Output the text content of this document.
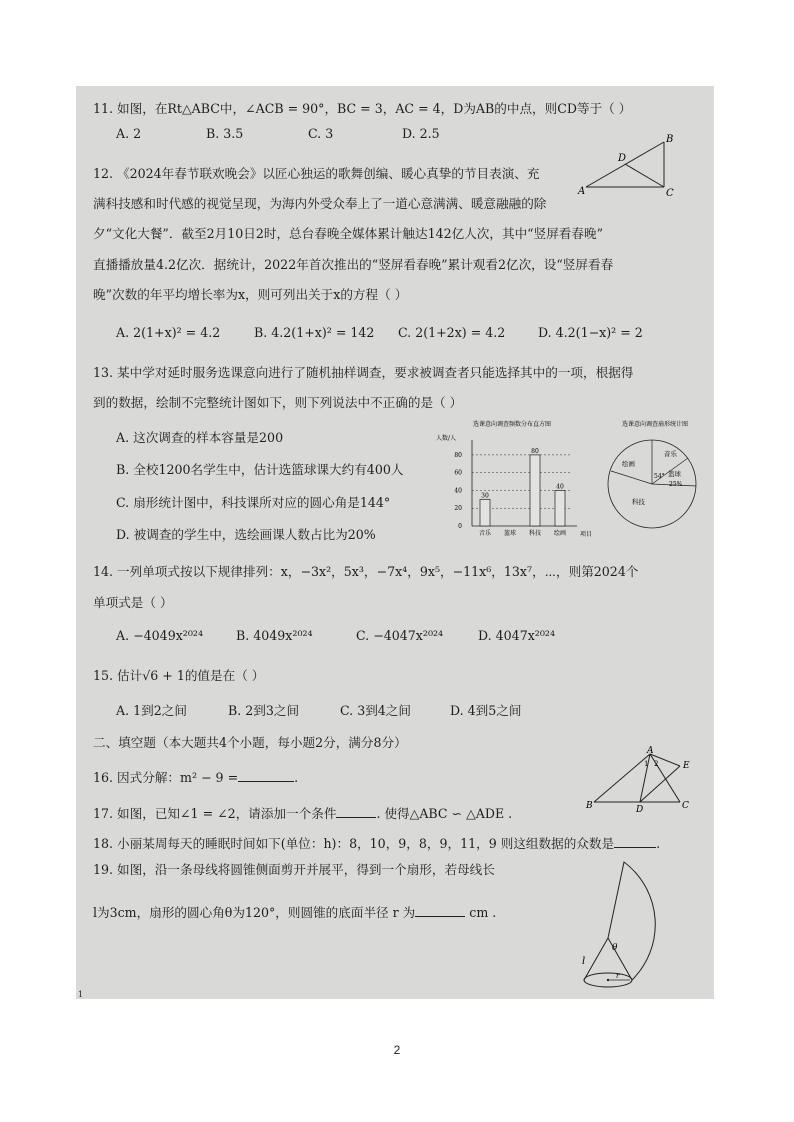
11. 如图，在Rt△ABC中，∠ACB = 90°，BC = 3，AC = 4，D为AB的中点，则CD等于（ ）
A. 2	B. 3.5	C. 3	D. 2.5
A
B
C
D
12. 《2024年春节联欢晚会》以匠心独运的歌舞创编、暖心真挚的节目表演、充
满科技感和时代感的视觉呈现，为海内外受众奉上了一道心意满满、暖意融融的除
夕“文化大餐”．截至2月10日2时，总台春晚全媒体累计触达142亿人次，其中“竖屏看春晚”
直播播放量4.2亿次．据统计，2022年首次推出的“竖屏看春晚”累计观看2亿次，设“竖屏看春
晚”次数的年平均增长率为x，则可列出关于x的方程（ ）
A. 2(1+x)² = 4.2	B. 4.2(1+x)² = 142 C. 2(1+2x) = 4.2	D. 4.2(1−x)² = 2
13. 某中学对延时服务选课意向进行了随机抽样调查，要求被调查者只能选择其中的一项，根据得
到的数据，绘制不完整统计图如下，则下列说法中不正确的是（ ）
A. 这次调查的样本容量是200
B. 全校1200名学生中，估计选篮球课大约有400人
C. 扇形统计图中，科技课所对应的圆心角是144°
D. 被调查的学生中，选绘画课人数占比为20%
选课意向调查频数分布直方图
人数/人
项目
0
20
40
60
80
音乐
30
篮球 科技
80
绘画
40
选课意向调查扇形统计图
绘画
音乐
54° 篮球
25%
科技
14. 一列单项式按以下规律排列：x，−3x²，5x³，−7x⁴，9x⁵，−11x⁶，13x⁷，⋯，则第2024个
单项式是（ ）
A. −4049x²⁰²⁴	B. 4049x²⁰²⁴	C. −4047x²⁰²⁴	D. 4047x²⁰²⁴
15. 估计√6 + 1的值是在（ ）
A. 1到2之间	B. 2到3之间	C. 3到4之间	D. 4到5之间
二、填空题（本大题共4个小题，每小题2分，满分8分）
16. 因式分解：m² − 9 =	.
A
E
B	D	C
1 2
17. 如图，已知∠1 = ∠2，请添加一个条件	. 使得△ABC ∽ △ADE .
18. 小丽某周每天的睡眠时间如下(单位：h)：8，10，9，8，9，11，9 则这组数据的众数是	.
19. 如图，沿一条母线将圆锥侧面剪开并展平，得到一个扇形，若母线长
l为3cm，扇形的圆心角θ为120°，则圆锥的底面半径 r 为	cm .
θ
l
r
1
2
